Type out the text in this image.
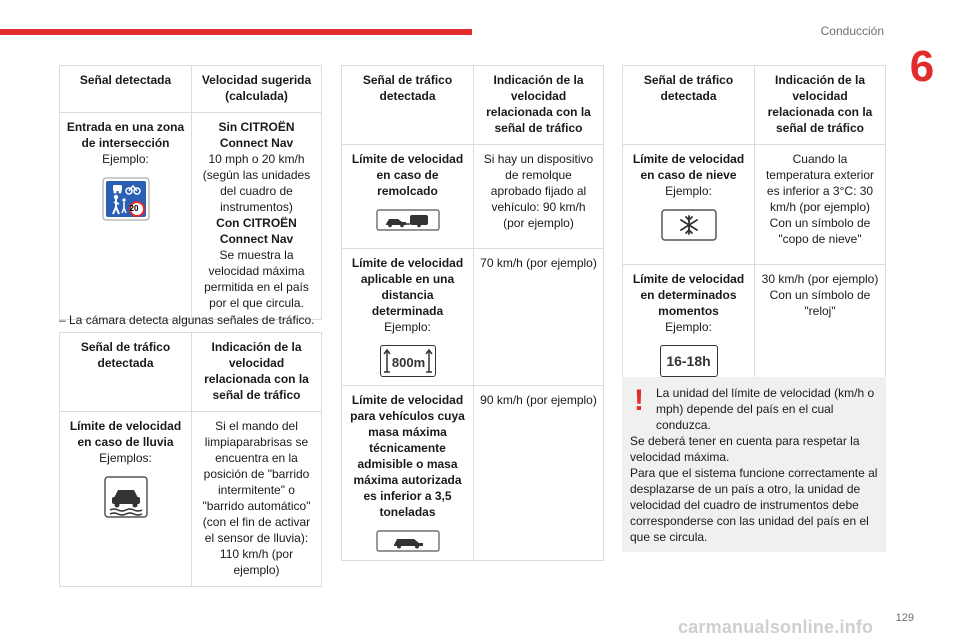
Conducción
6
Señal detectada	Velocidad sugerida (calculada)

Entrada en una zona de intersección
Ejemplo:	Sin CITROËN Connect Nav
10 mph o 20 km/h (según las unidades del cuadro de instrumentos)
Con CITROËN Connect Nav
Se muestra la velocidad máxima permitida en el país por el que circula.
20
– La cámara detecta algunas señales de tráfico.
Señal de tráfico detectada	Indicación de la velocidad relacionada con la señal de tráfico

Límite de velocidad en caso de lluvia
Ejemplos:	Si el mando del limpiaparabrisas se encuentra en la posición de "barrido intermitente" o "barrido automático" (con el fin de activar el sensor de lluvia): 110 km/h (por ejemplo)
Señal de tráfico detectada	Indicación de la velocidad relacionada con la señal de tráfico

Límite de velocidad en caso de remolcado	Si hay un dispositivo de remolque aprobado fijado al vehículo: 90 km/h (por ejemplo)

Límite de velocidad aplicable en una distancia determinada
Ejemplo:
800m	70 km/h (por ejemplo)

Límite de velocidad para vehículos cuya masa máxima técnicamente admisible o masa máxima autorizada es inferior a 3,5 toneladas	90 km/h (por ejemplo)
Señal de tráfico detectada	Indicación de la velocidad relacionada con la señal de tráfico

Límite de velocidad en caso de nieve
Ejemplo:	Cuando la temperatura exterior es inferior a 3°C: 30 km/h (por ejemplo) Con un símbolo de "copo de nieve"

Límite de velocidad en determinados momentos
Ejemplo:
16-18h	30 km/h (por ejemplo) Con un símbolo de "reloj"
!	La unidad del límite de velocidad (km/h o mph) depende del país en el cual conduzca.
Se deberá tener en cuenta para respetar la velocidad máxima.
Para que el sistema funcione correctamente al desplazarse de un país a otro, la unidad de velocidad del cuadro de instrumentos debe corresponderse con las unidad del país en el que se circula.
129
carmanualsonline.info
